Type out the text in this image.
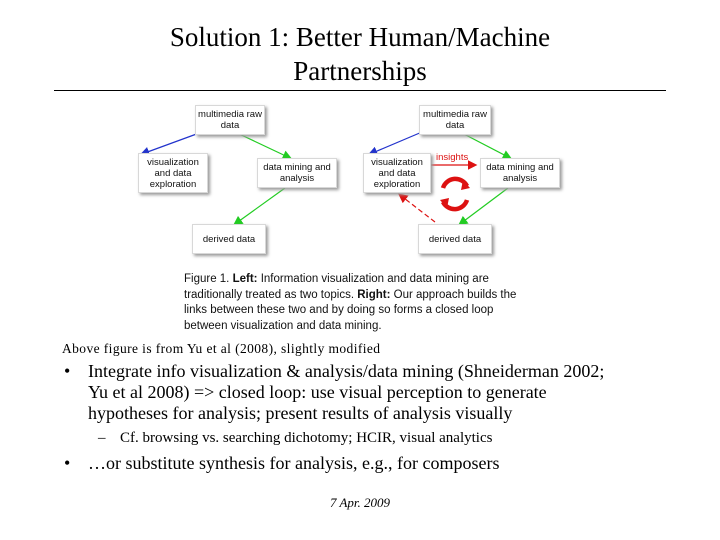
Solution 1: Better Human/Machine
Partnerships
multimedia raw
data
visualization
and data
exploration
data mining and
analysis
derived data
multimedia raw
data
visualization
and data
exploration
data mining and
analysis
derived data
insights
Figure 1. Left: Information visualization and data mining are traditionally treated as two topics. Right: Our approach builds the links between these two and by doing so forms a closed loop between visualization and data mining.
Above figure is from Yu et al (2008), slightly modified
• Integrate info visualization & analysis/data mining (Shneiderman 2002;
Yu et al 2008) => closed loop: use visual perception to generate
hypotheses for analysis; present results of analysis visually
– Cf. browsing vs. searching dichotomy; HCIR, visual analytics
• …or substitute synthesis for analysis, e.g., for composers
7 Apr. 2009
